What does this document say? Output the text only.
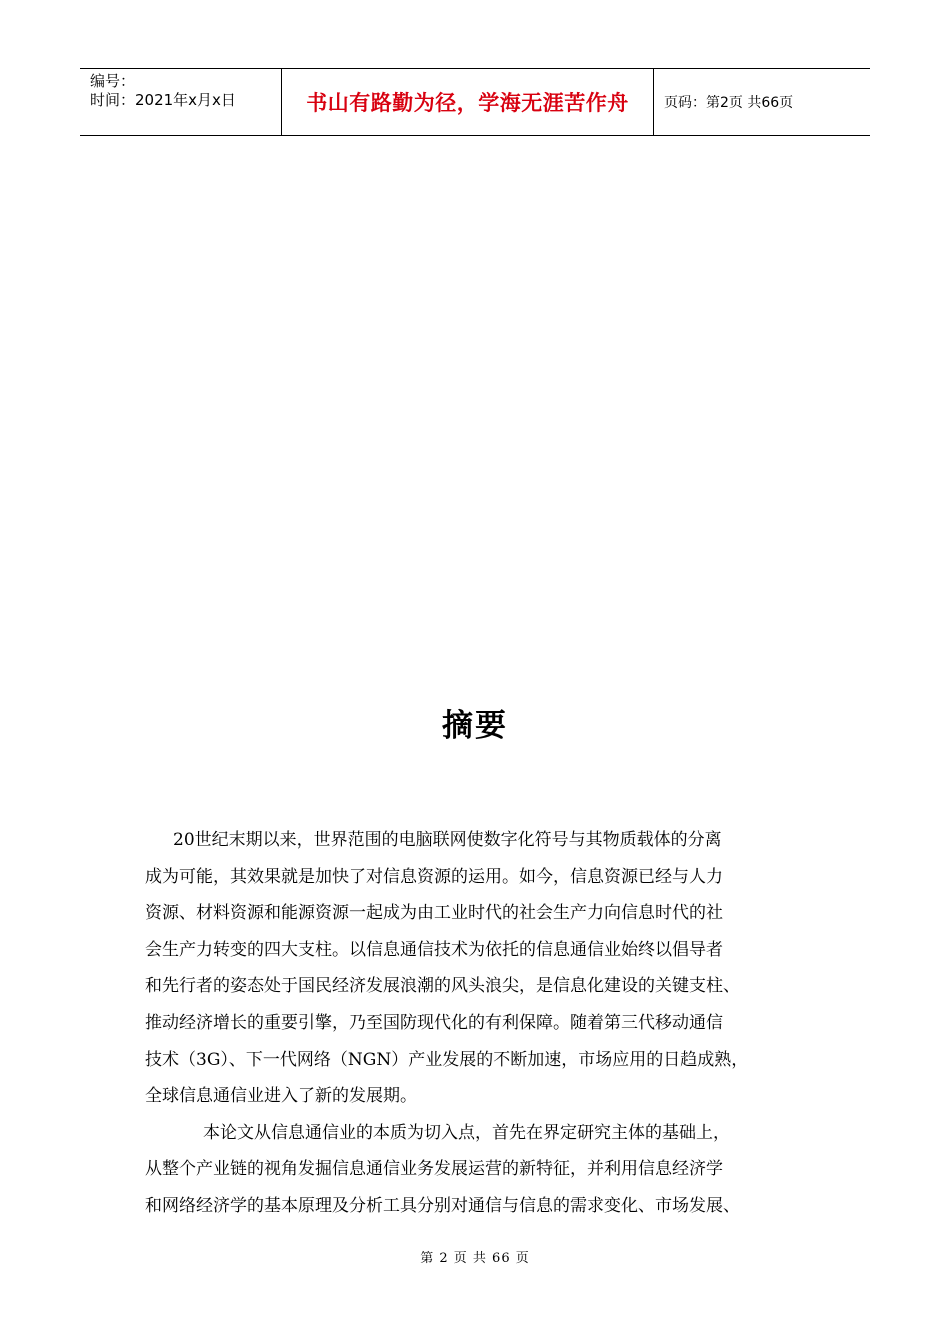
编号：
时间：2021年x月x日	书山有路勤为径，学海无涯苦作舟	页码：第2页 共66页
摘要
20世纪末期以来，世界范围的电脑联网使数字化符号与其物质载体的分离
成为可能，其效果就是加快了对信息资源的运用。如今，信息资源已经与人力
资源、材料资源和能源资源一起成为由工业时代的社会生产力向信息时代的社
会生产力转变的四大支柱。以信息通信技术为依托的信息通信业始终以倡导者
和先行者的姿态处于国民经济发展浪潮的风头浪尖，是信息化建设的关键支柱、
推动经济增长的重要引擎，乃至国防现代化的有利保障。随着第三代移动通信
技术（3G）、下一代网络（NGN）产业发展的不断加速，市场应用的日趋成熟，
全球信息通信业进入了新的发展期。
本论文从信息通信业的本质为切入点，首先在界定研究主体的基础上，
从整个产业链的视角发掘信息通信业务发展运营的新特征，并利用信息经济学
和网络经济学的基本原理及分析工具分别对通信与信息的需求变化、市场发展、
第 2 页 共 66 页
